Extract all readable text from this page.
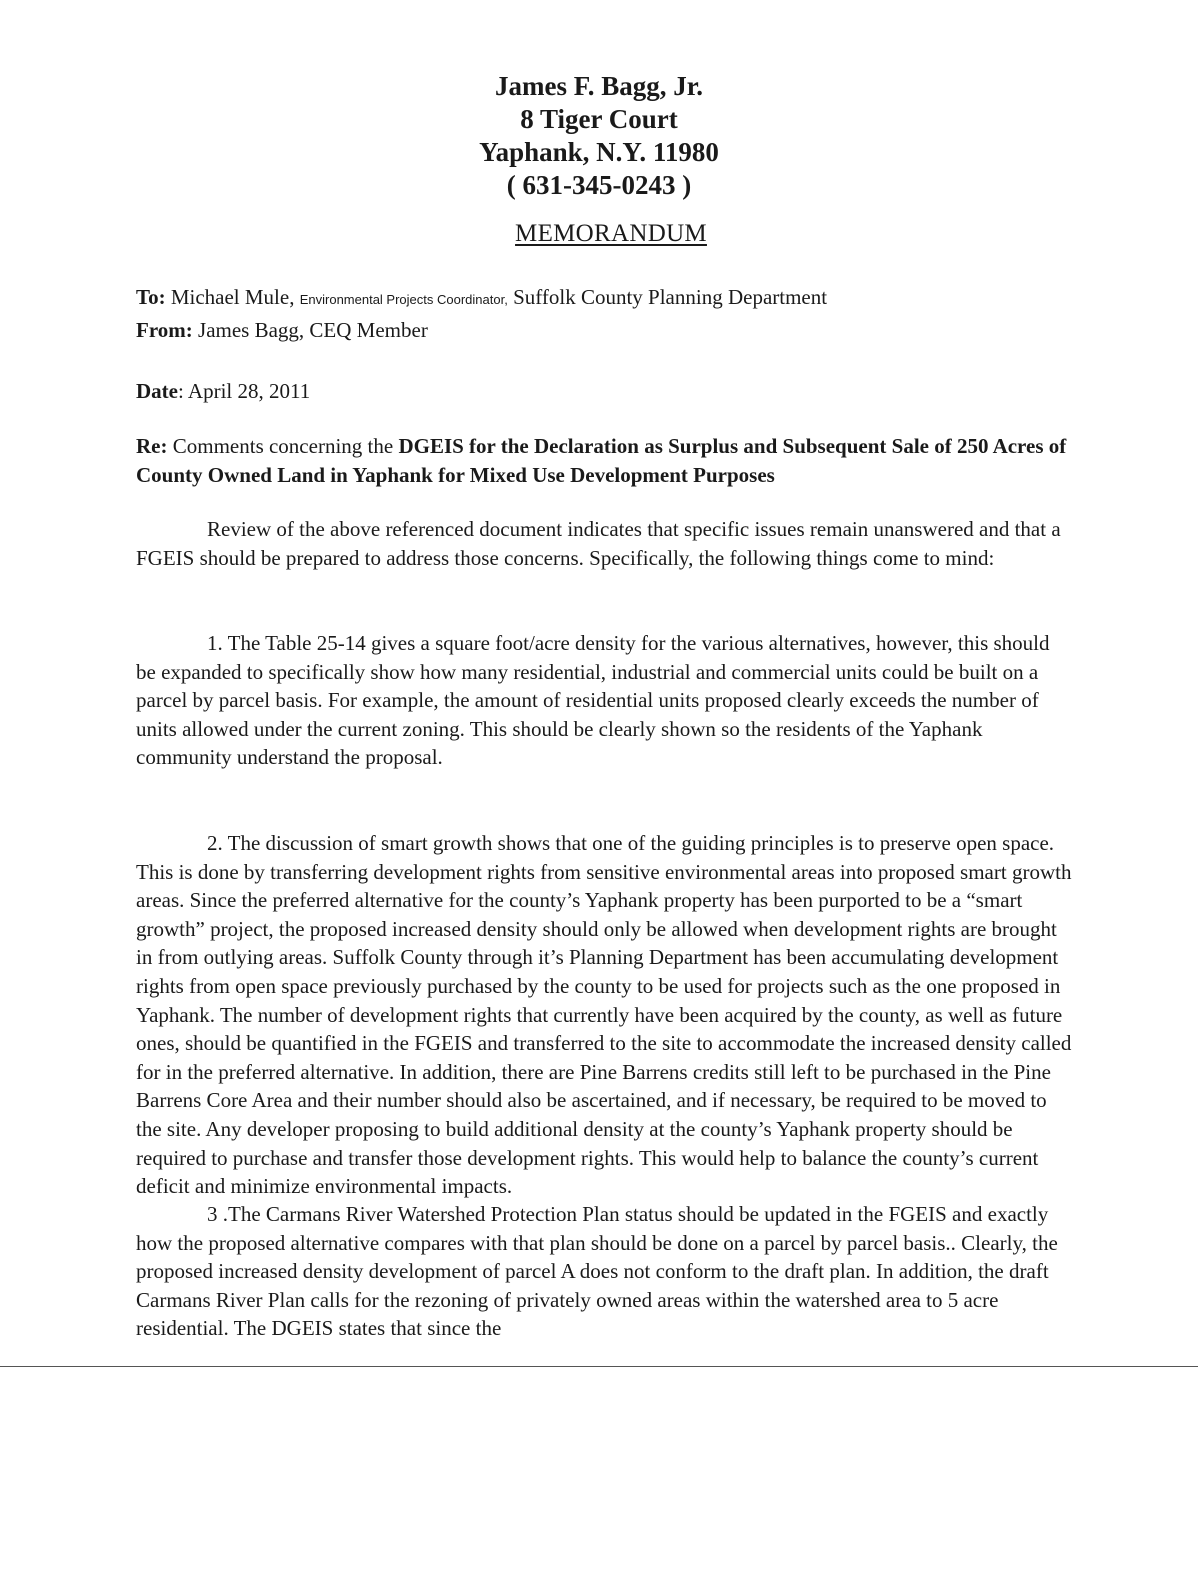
James F. Bagg, Jr.
8 Tiger Court
Yaphank, N.Y. 11980
( 631-345-0243 )
MEMORANDUM
To: Michael Mule, Environmental Projects Coordinator, Suffolk County Planning Department
From: James Bagg, CEQ Member
Date: April 28, 2011
Re: Comments concerning the DGEIS for the Declaration as Surplus and Subsequent Sale of 250 Acres of County Owned Land in Yaphank for Mixed Use Development Purposes
Review of the above referenced document indicates that specific issues remain unanswered and that a FGEIS should be prepared to address those concerns. Specifically, the following things come to mind:
1. The Table 25-14 gives a square foot/acre density for the various alternatives, however, this should be expanded to specifically show how many residential, industrial and commercial units could be built on a parcel by parcel basis. For example, the amount of residential units proposed clearly exceeds the number of units allowed under the current zoning. This should be clearly shown so the residents of the Yaphank community understand the proposal.
2. The discussion of smart growth shows that one of the guiding principles is to preserve open space. This is done by transferring development rights from sensitive environmental areas into proposed smart growth areas. Since the preferred alternative for the county’s Yaphank property has been purported to be a “smart growth” project, the proposed increased density should only be allowed when development rights are brought in from outlying areas. Suffolk County through it’s Planning Department has been accumulating development rights from open space previously purchased by the county to be used for projects such as the one proposed in Yaphank. The number of development rights that currently have been acquired by the county, as well as future ones, should be quantified in the FGEIS and transferred to the site to accommodate the increased density called for in the preferred alternative. In addition, there are Pine Barrens credits still left to be purchased in the Pine Barrens Core Area and their number should also be ascertained, and if necessary, be required to be moved to the site. Any developer proposing to build additional density at the county’s Yaphank property should be required to purchase and transfer those development rights. This would help to balance the county’s current deficit and minimize environmental impacts.
3 .The Carmans River Watershed Protection Plan status should be updated in the FGEIS and exactly how the proposed alternative compares with that plan should be done on a parcel by parcel basis.. Clearly, the proposed increased density development of parcel A does not conform to the draft plan. In addition, the draft Carmans River Plan calls for the rezoning of privately owned areas within the watershed area to 5 acre residential. The DGEIS states that since the
